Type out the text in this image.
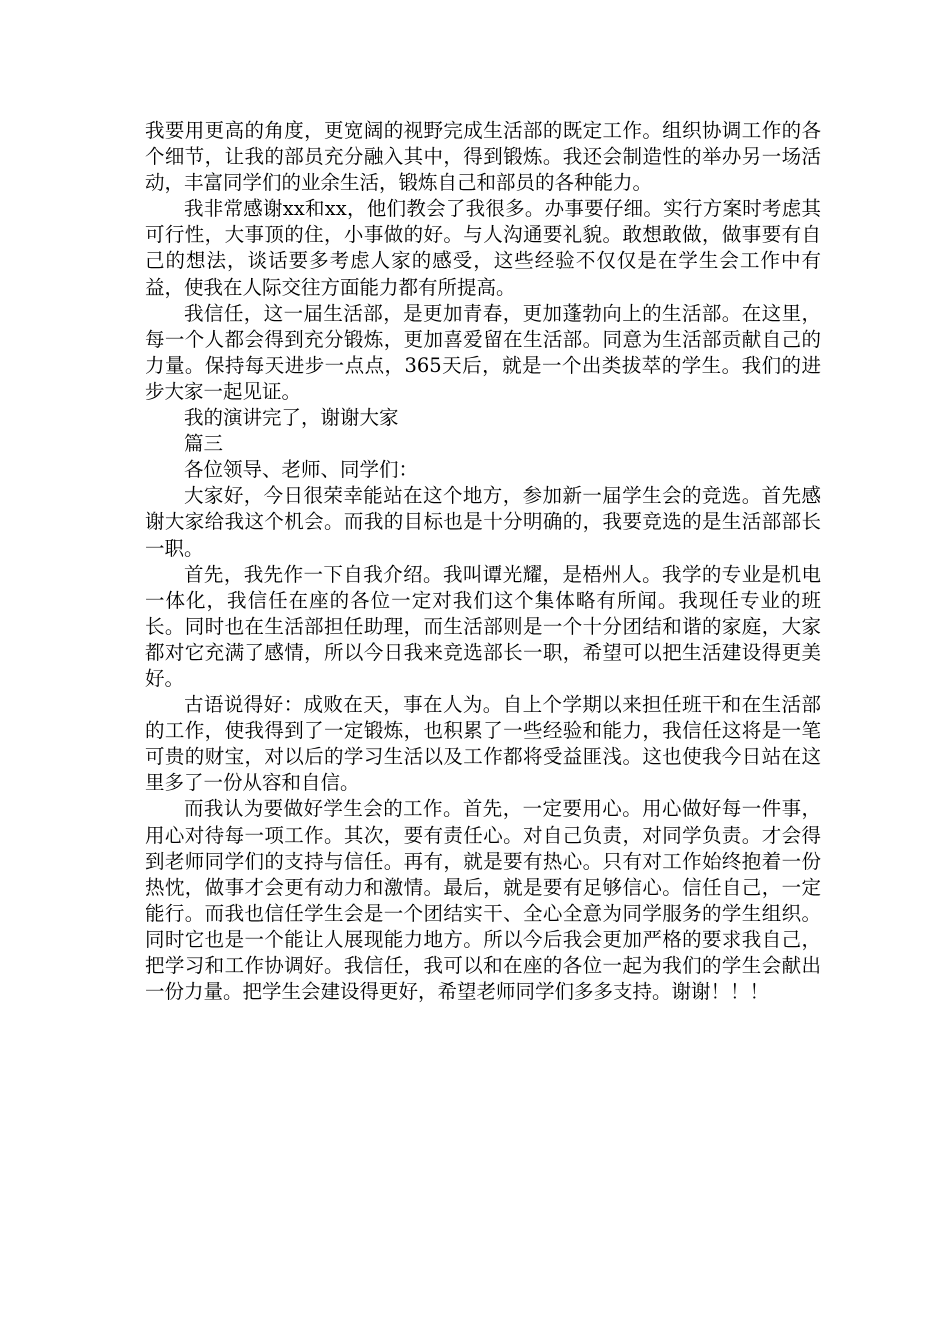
我要用更高的角度，更宽阔的视野完成生活部的既定工作。组织协调工作的各个细节，让我的部员充分融入其中，得到锻炼。我还会制造性的举办另一场活动，丰富同学们的业余生活，锻炼自己和部员的各种能力。

我非常感谢xx和xx，他们教会了我很多。办事要仔细。实行方案时考虑其可行性，大事顶的住，小事做的好。与人沟通要礼貌。敢想敢做，做事要有自己的想法，谈话要多考虑人家的感受，这些经验不仅仅是在学生会工作中有益，使我在人际交往方面能力都有所提高。

我信任，这一届生活部，是更加青春，更加蓬勃向上的生活部。在这里，每一个人都会得到充分锻炼，更加喜爱留在生活部。同意为生活部贡献自己的力量。保持每天进步一点点，365天后，就是一个出类拔萃的学生。我们的进步大家一起见证。

我的演讲完了，谢谢大家

篇三

各位领导、老师、同学们：

大家好，今日很荣幸能站在这个地方，参加新一届学生会的竞选。首先感谢大家给我这个机会。而我的目标也是十分明确的，我要竞选的是生活部部长一职。

首先，我先作一下自我介绍。我叫谭光耀，是梧州人。我学的专业是机电一体化，我信任在座的各位一定对我们这个集体略有所闻。我现任专业的班长。同时也在生活部担任助理，而生活部则是一个十分团结和谐的家庭，大家都对它充满了感情，所以今日我来竞选部长一职，希望可以把生活建设得更美好。

古语说得好：成败在天，事在人为。自上个学期以来担任班干和在生活部的工作，使我得到了一定锻炼，也积累了一些经验和能力，我信任这将是一笔可贵的财宝，对以后的学习生活以及工作都将受益匪浅。这也使我今日站在这里多了一份从容和自信。

而我认为要做好学生会的工作。首先，一定要用心。用心做好每一件事，用心对待每一项工作。其次，要有责任心。对自己负责，对同学负责。才会得到老师同学们的支持与信任。再有，就是要有热心。只有对工作始终抱着一份热忱，做事才会更有动力和激情。最后，就是要有足够信心。信任自己，一定能行。而我也信任学生会是一个团结实干、全心全意为同学服务的学生组织。同时它也是一个能让人展现能力地方。所以今后我会更加严格的要求我自己，把学习和工作协调好。我信任，我可以和在座的各位一起为我们的学生会献出一份力量。把学生会建设得更好，希望老师同学们多多支持。谢谢！！！
